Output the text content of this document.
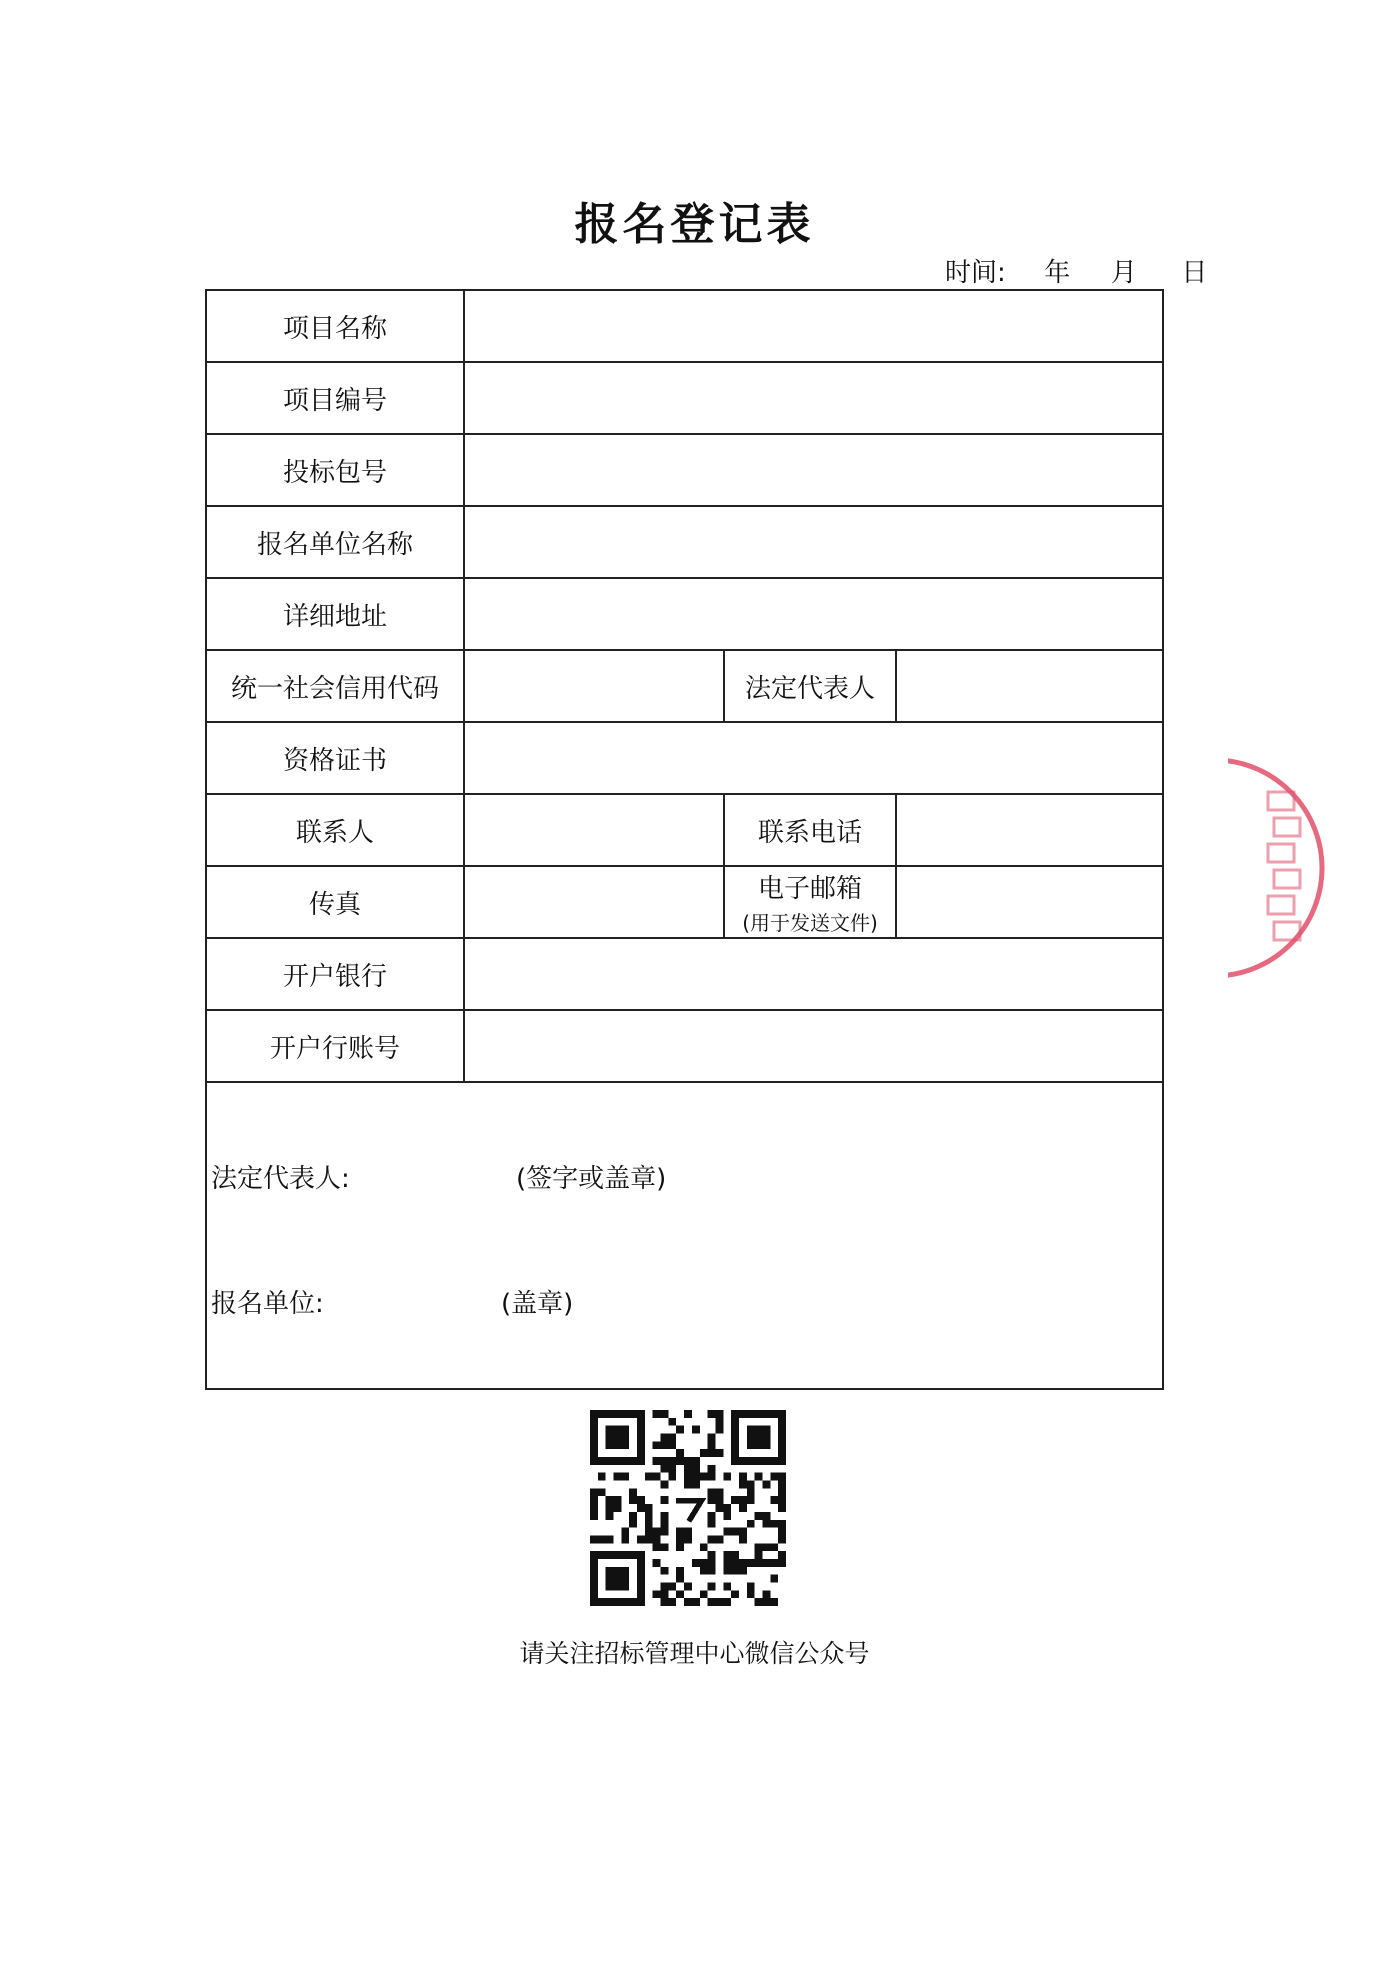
报名登记表
时间: 年 月 日
项目名称			
项目编号			
投标包号			
报名单位名称			
详细地址			
统一社会信用代码		法定代表人	
资格证书			
联系人		联系电话	
传真		电子邮箱
(用于发送文件)	

开户银行			
开户行账号			

法定代表人: (签字或盖章)
报名单位: (盖章)			
请关注招标管理中心微信公众号
